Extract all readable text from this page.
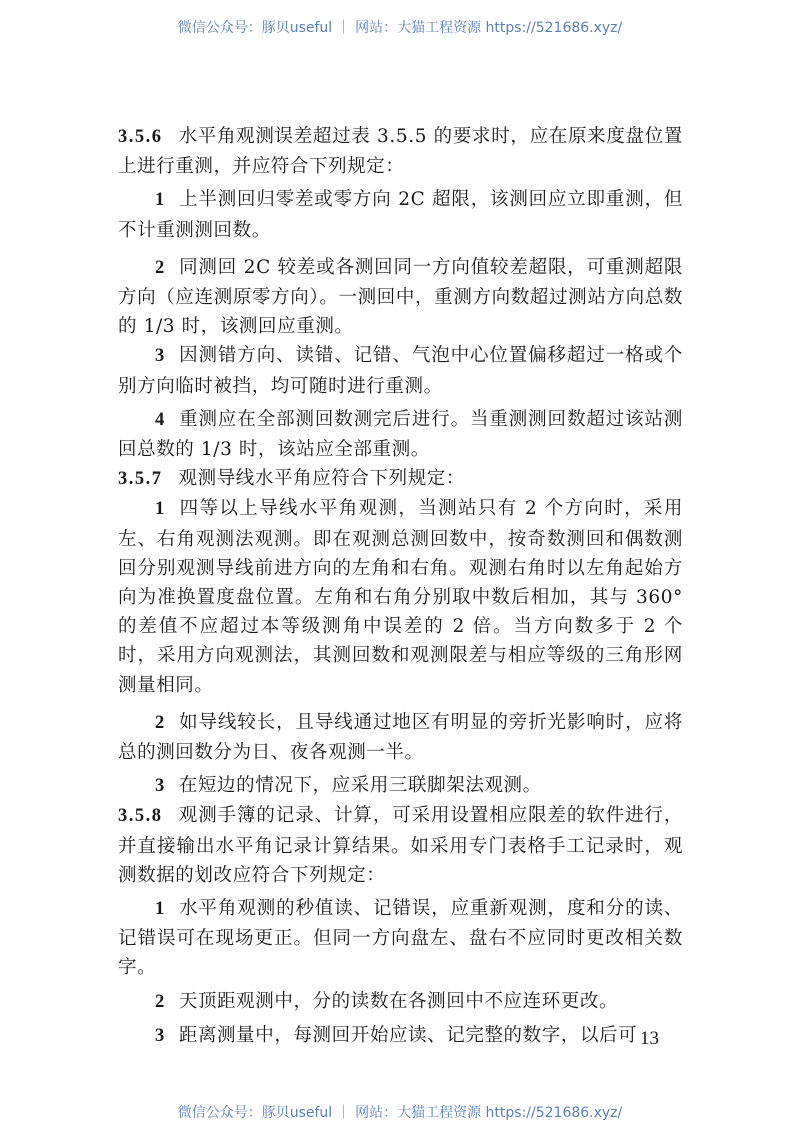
微信公众号：豚贝useful ｜ 网站：大猫工程资源 https://521686.xyz/

3.5.6 水平角观测误差超过表 3.5.5 的要求时，应在原来度盘位置上进行重测，并应符合下列规定：

1 上半测回归零差或零方向 2C 超限，该测回应立即重测，但不计重测测回数。

2 同测回 2C 较差或各测回同一方向值较差超限，可重测超限方向（应连测原零方向）。一测回中，重测方向数超过测站方向总数的 1/3 时，该测回应重测。

3 因测错方向、读错、记错、气泡中心位置偏移超过一格或个别方向临时被挡，均可随时进行重测。

4 重测应在全部测回数测完后进行。当重测测回数超过该站测回总数的 1/3 时，该站应全部重测。

3.5.7 观测导线水平角应符合下列规定：

1 四等以上导线水平角观测，当测站只有 2 个方向时，采用左、右角观测法观测。即在观测总测回数中，按奇数测回和偶数测回分别观测导线前进方向的左角和右角。观测右角时以左角起始方向为准换置度盘位置。左角和右角分别取中数后相加，其与 360°的差值不应超过本等级测角中误差的 2 倍。当方向数多于 2 个时，采用方向观测法，其测回数和观测限差与相应等级的三角形网测量相同。

2 如导线较长，且导线通过地区有明显的旁折光影响时，应将总的测回数分为日、夜各观测一半。

3 在短边的情况下，应采用三联脚架法观测。

3.5.8 观测手簿的记录、计算，可采用设置相应限差的软件进行，并直接输出水平角记录计算结果。如采用专门表格手工记录时，观测数据的划改应符合下列规定：

1 水平角观测的秒值读、记错误，应重新观测，度和分的读、记错误可在现场更正。但同一方向盘左、盘右不应同时更改相关数字。

2 天顶距观测中，分的读数在各测回中不应连环更改。

3 距离测量中，每测回开始应读、记完整的数字，以后可 13
微信公众号：豚贝useful ｜ 网站：大猫工程资源 https://521686.xyz/
